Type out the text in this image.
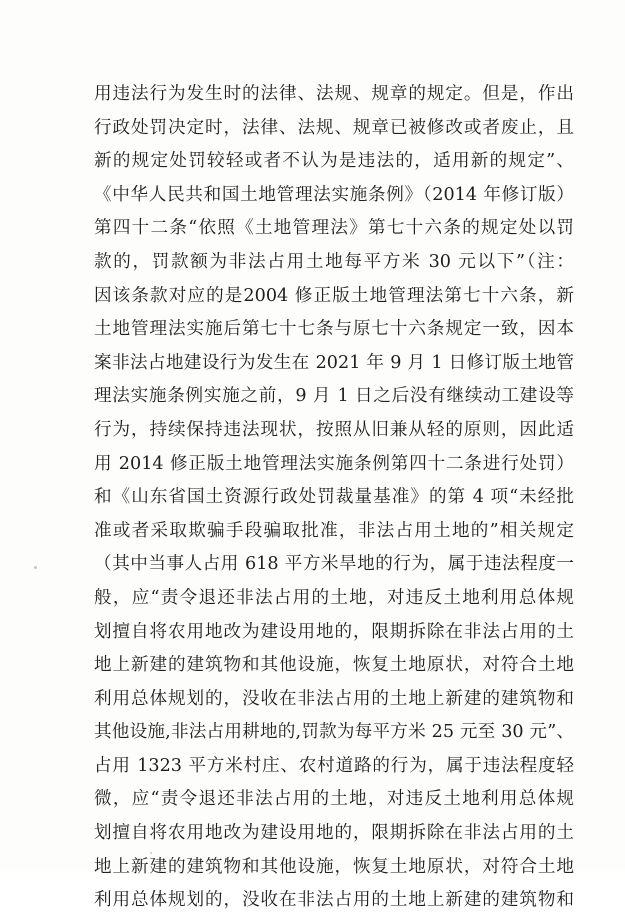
用违法行为发生时的法律、法规、规章的规定。但是，作出
行政处罚决定时，法律、法规、规章已被修改或者废止，且
新的规定处罚较轻或者不认为是违法的，适用新的规定”、
《中华人民共和国土地管理法实施条例》（2014 年修订版）
第四十二条“依照《土地管理法》第七十六条的规定处以罚
款的，罚款额为非法占用土地每平方米 30 元以下”（注：
因该条款对应的是2004 修正版土地管理法第七十六条，新
土地管理法实施后第七十七条与原七十六条规定一致，因本
案非法占地建设行为发生在 2021 年 9 月 1 日修订版土地管
理法实施条例实施之前，9 月 1 日之后没有继续动工建设等
行为，持续保持违法现状，按照从旧兼从轻的原则，因此适
用 2014 修正版土地管理法实施条例第四十二条进行处罚）
和《山东省国土资源行政处罚裁量基准》的第 4 项“未经批
准或者采取欺骗手段骗取批准，非法占用土地的”相关规定
（其中当事人占用 618 平方米旱地的行为，属于违法程度一
般，应“责令退还非法占用的土地，对违反土地利用总体规
划擅自将农用地改为建设用地的，限期拆除在非法占用的土
地上新建的建筑物和其他设施，恢复土地原状，对符合土地
利用总体规划的，没收在非法占用的土地上新建的建筑物和
其他设施,非法占用耕地的,罚款为每平方米 25 元至 30 元”、
占用 1323 平方米村庄、农村道路的行为，属于违法程度轻
微，应“责令退还非法占用的土地，对违反土地利用总体规
划擅自将农用地改为建设用地的，限期拆除在非法占用的土
地上新建的建筑物和其他设施，恢复土地原状，对符合土地
利用总体规划的，没收在非法占用的土地上新建的建筑物和
